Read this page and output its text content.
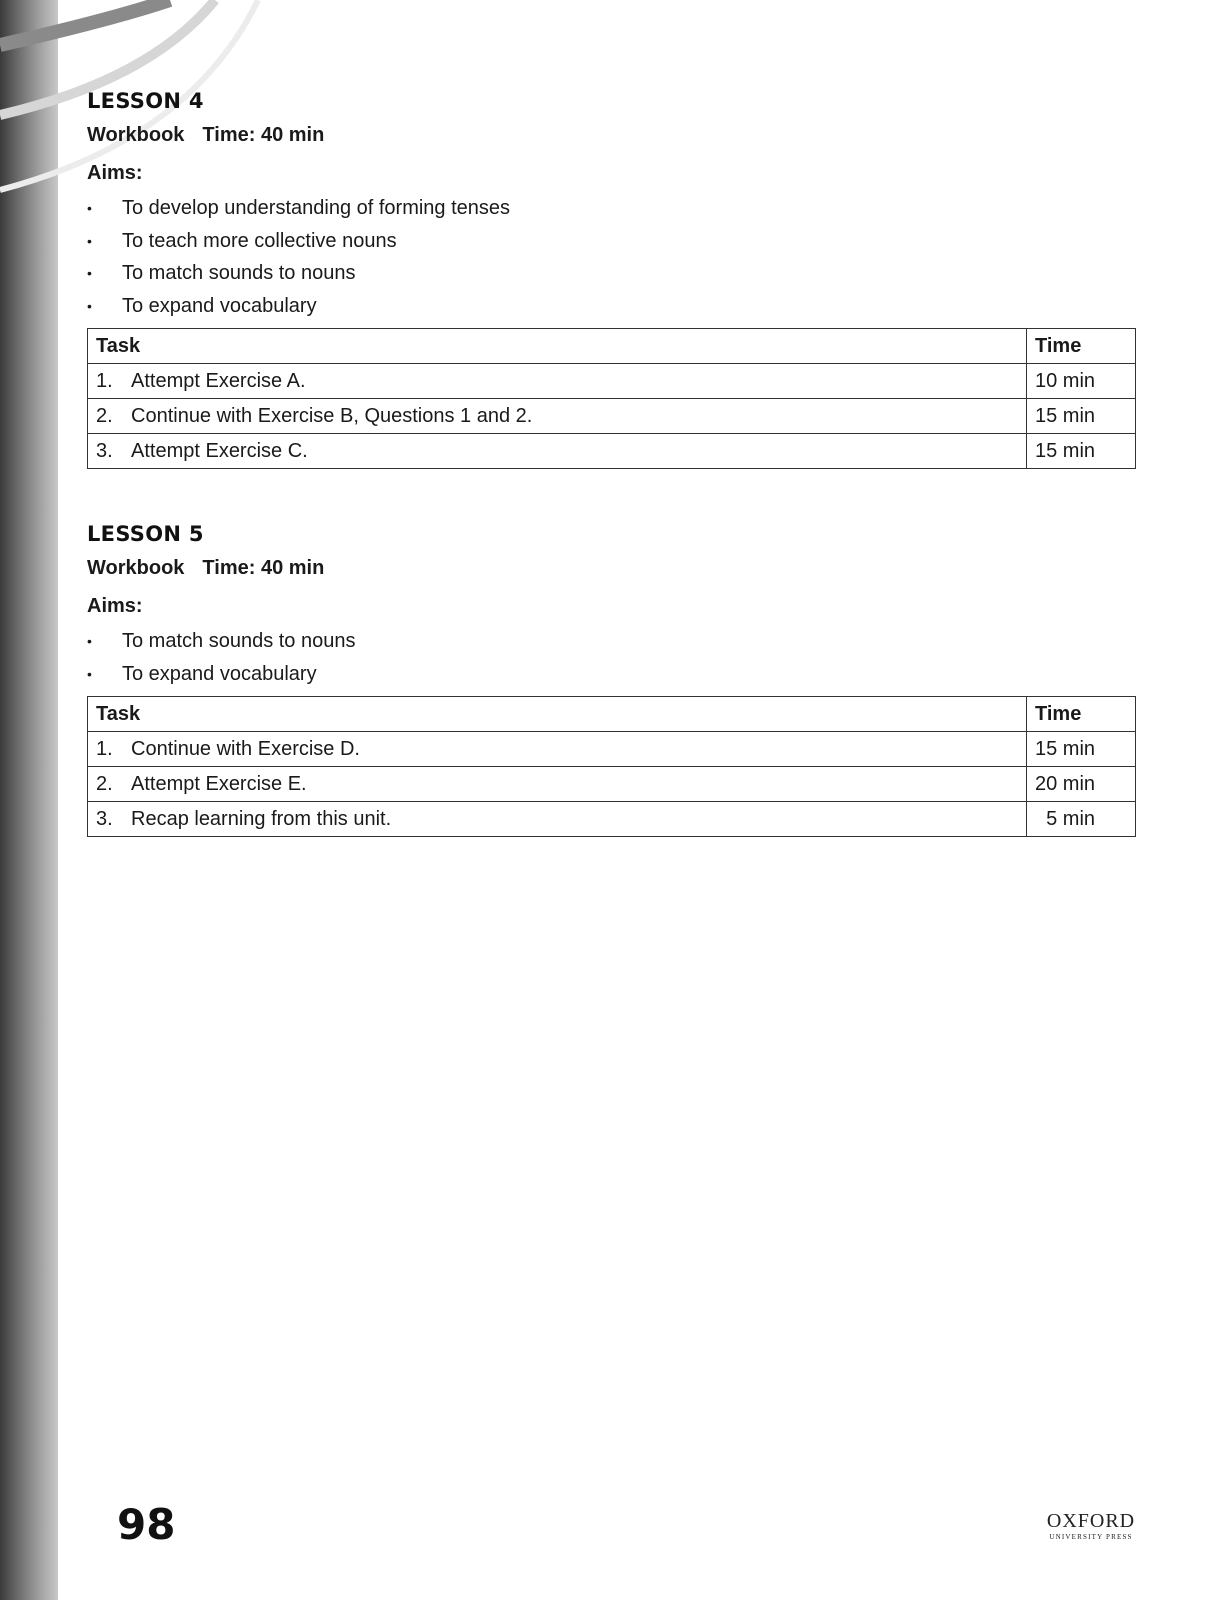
LESSON 4
Workbook Time: 40 min
Aims:
• To develop understanding of forming tenses
• To teach more collective nouns
• To match sounds to nouns
• To expand vocabulary
Task	Time
1. Attempt Exercise A.	10 min
2. Continue with Exercise B, Questions 1 and 2.	15 min
3. Attempt Exercise C.	15 min
LESSON 5
Workbook Time: 40 min
Aims:
• To match sounds to nouns
• To expand vocabulary
Task	Time
1. Continue with Exercise D.	15 min
2. Attempt Exercise E.	20 min
3. Recap learning from this unit.	5 min
98	OXFORD
UNIVERSITY PRESS
